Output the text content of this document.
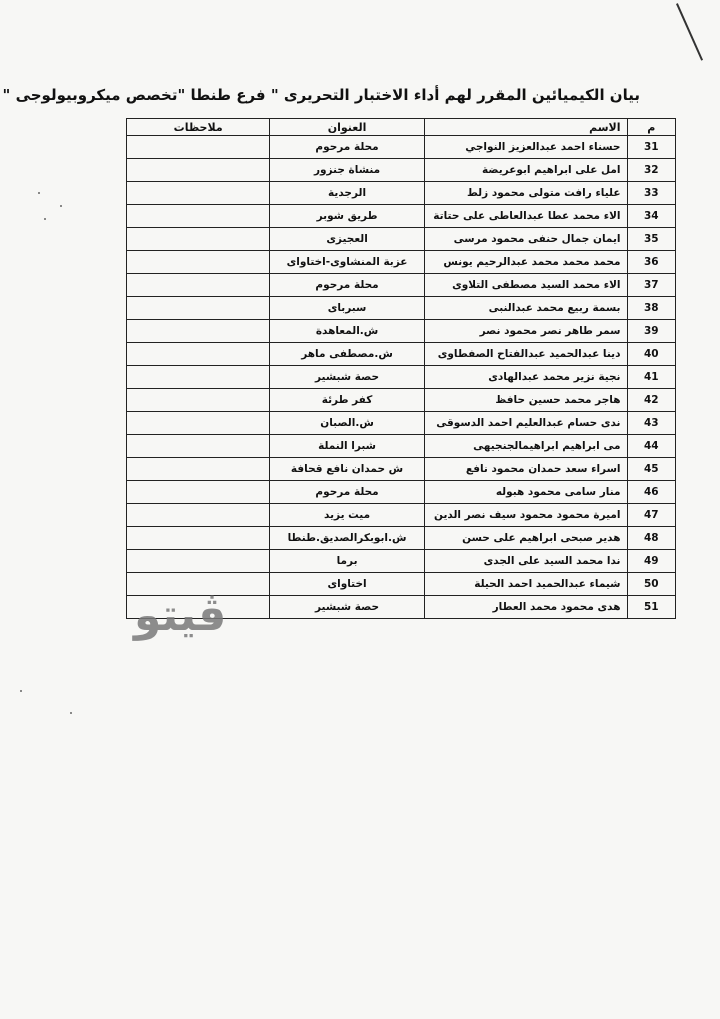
بيان الكيميائين المقرر لهم أداء الاختبار التحريرى " فرع طنطا "تخصص ميكروبيولوجى "
م	الاسم	العنوان	ملاحظات
31	حسناء احمد عبدالعزيز النواجي	محلة مرحوم	
32	امل على ابراهيم ابوعريضة	منشاة جنزور	
33	علياء رافت متولى محمود زلط	الرجدية	
34	الاء محمد عطا عبدالعاطى على حتاتة	طريق شوبر	
35	ايمان جمال حنفى محمود مرسى	العجيزى	
36	محمد محمد محمد عبدالرحيم يونس	عزبة المنشاوى-اختاواى	
37	الاء محمد السيد مصطفى التلاوى	محلة مرحوم	
38	بسمة ربيع محمد عبدالنبى	سبرباى	
39	سمر طاهر نصر محمود نصر	ش.المعاهدة	
40	دينا عبدالحميد عبدالفتاح الصفطاوى	ش.مصطفى ماهر	
41	نجية نزير محمد عبدالهادى	حصة شبشير	
42	هاجر محمد حسين حافظ	كفر طرئة	
43	ندى حسام عبدالعليم احمد الدسوقى	ش.الصبان	
44	مى ابراهيم ابراهيمالجنجيهى	شبرا النملة	
45	اسراء سعد حمدان محمود نافع	ش حمدان نافع قحافة	
46	منار سامى محمود هبوله	محلة مرحوم	
47	اميرة محمود محمود سيف نصر الدين	ميت يزيد	
48	هدير صبحى ابراهيم على حسن	ش.ابوبكرالصديق.طنطا	
49	ندا محمد السيد على الجدى	برما	
50	شيماء عبدالحميد احمد الحيلة	اختاواى	
51	هدى محمود محمد العطار	حصة شبشير	
ڤيتو
